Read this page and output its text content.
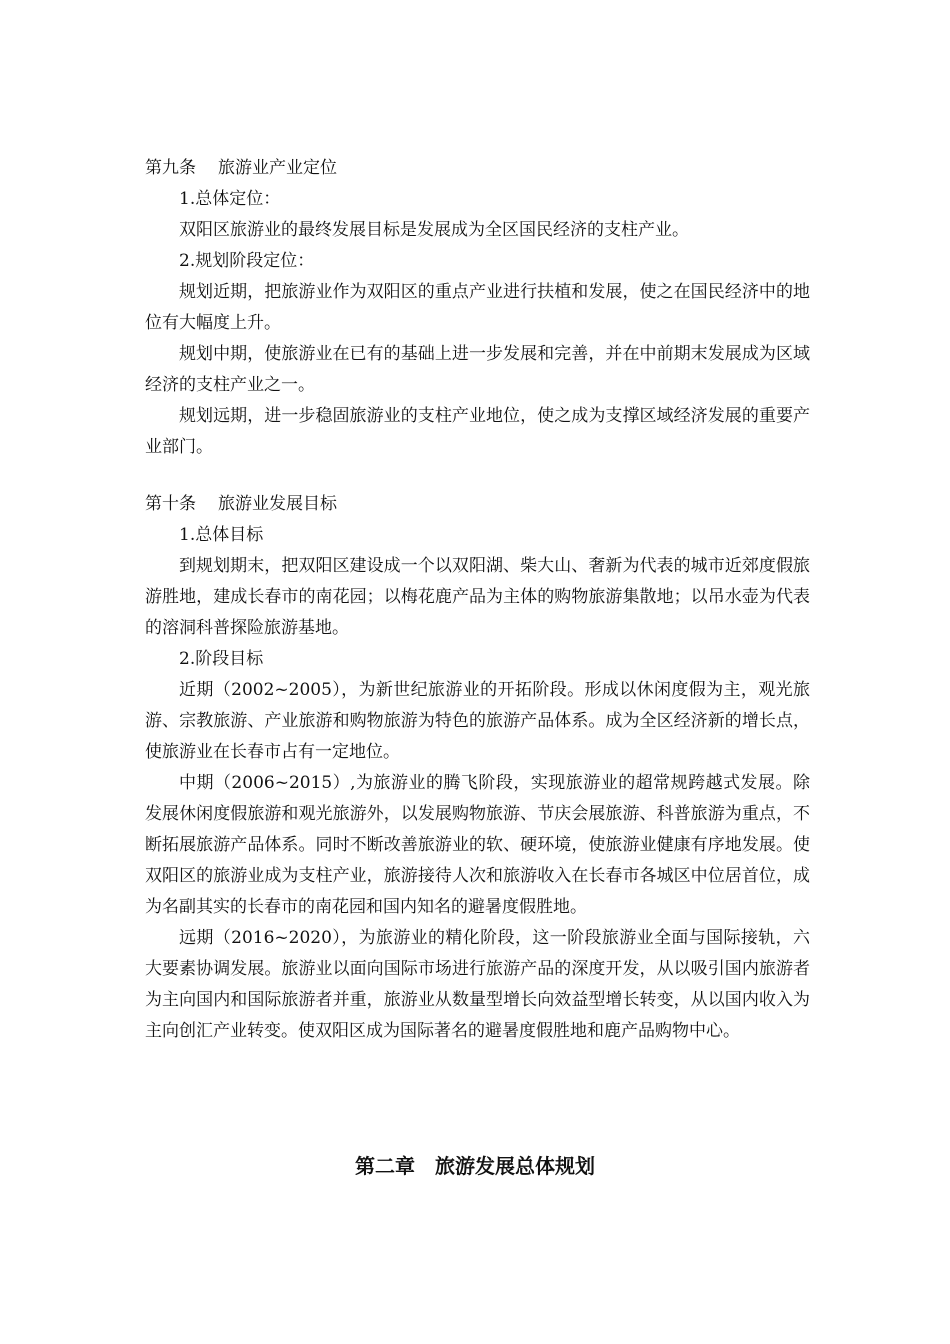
第九条 旅游业产业定位

1.总体定位：

双阳区旅游业的最终发展目标是发展成为全区国民经济的支柱产业。

2.规划阶段定位：

规划近期，把旅游业作为双阳区的重点产业进行扶植和发展，使之在国民经济中的地位有大幅度上升。

规划中期，使旅游业在已有的基础上进一步发展和完善，并在中前期末发展成为区域经济的支柱产业之一。

规划远期，进一步稳固旅游业的支柱产业地位，使之成为支撑区域经济发展的重要产业部门。

第十条 旅游业发展目标

1.总体目标

到规划期末，把双阳区建设成一个以双阳湖、柴大山、奢新为代表的城市近郊度假旅游胜地，建成长春市的南花园；以梅花鹿产品为主体的购物旅游集散地；以吊水壶为代表的溶洞科普探险旅游基地。

2.阶段目标

近期（2002~2005），为新世纪旅游业的开拓阶段。形成以休闲度假为主，观光旅游、宗教旅游、产业旅游和购物旅游为特色的旅游产品体系。成为全区经济新的增长点，使旅游业在长春市占有一定地位。

中期（2006~2015）,为旅游业的腾飞阶段，实现旅游业的超常规跨越式发展。除发展休闲度假旅游和观光旅游外，以发展购物旅游、节庆会展旅游、科普旅游为重点，不断拓展旅游产品体系。同时不断改善旅游业的软、硬环境，使旅游业健康有序地发展。使双阳区的旅游业成为支柱产业，旅游接待人次和旅游收入在长春市各城区中位居首位，成为名副其实的长春市的南花园和国内知名的避暑度假胜地。

远期（2016~2020），为旅游业的精化阶段，这一阶段旅游业全面与国际接轨，六大要素协调发展。旅游业以面向国际市场进行旅游产品的深度开发，从以吸引国内旅游者为主向国内和国际旅游者并重，旅游业从数量型增长向效益型增长转变，从以国内收入为主向创汇产业转变。使双阳区成为国际著名的避暑度假胜地和鹿产品购物中心。

第二章 旅游发展总体规划
